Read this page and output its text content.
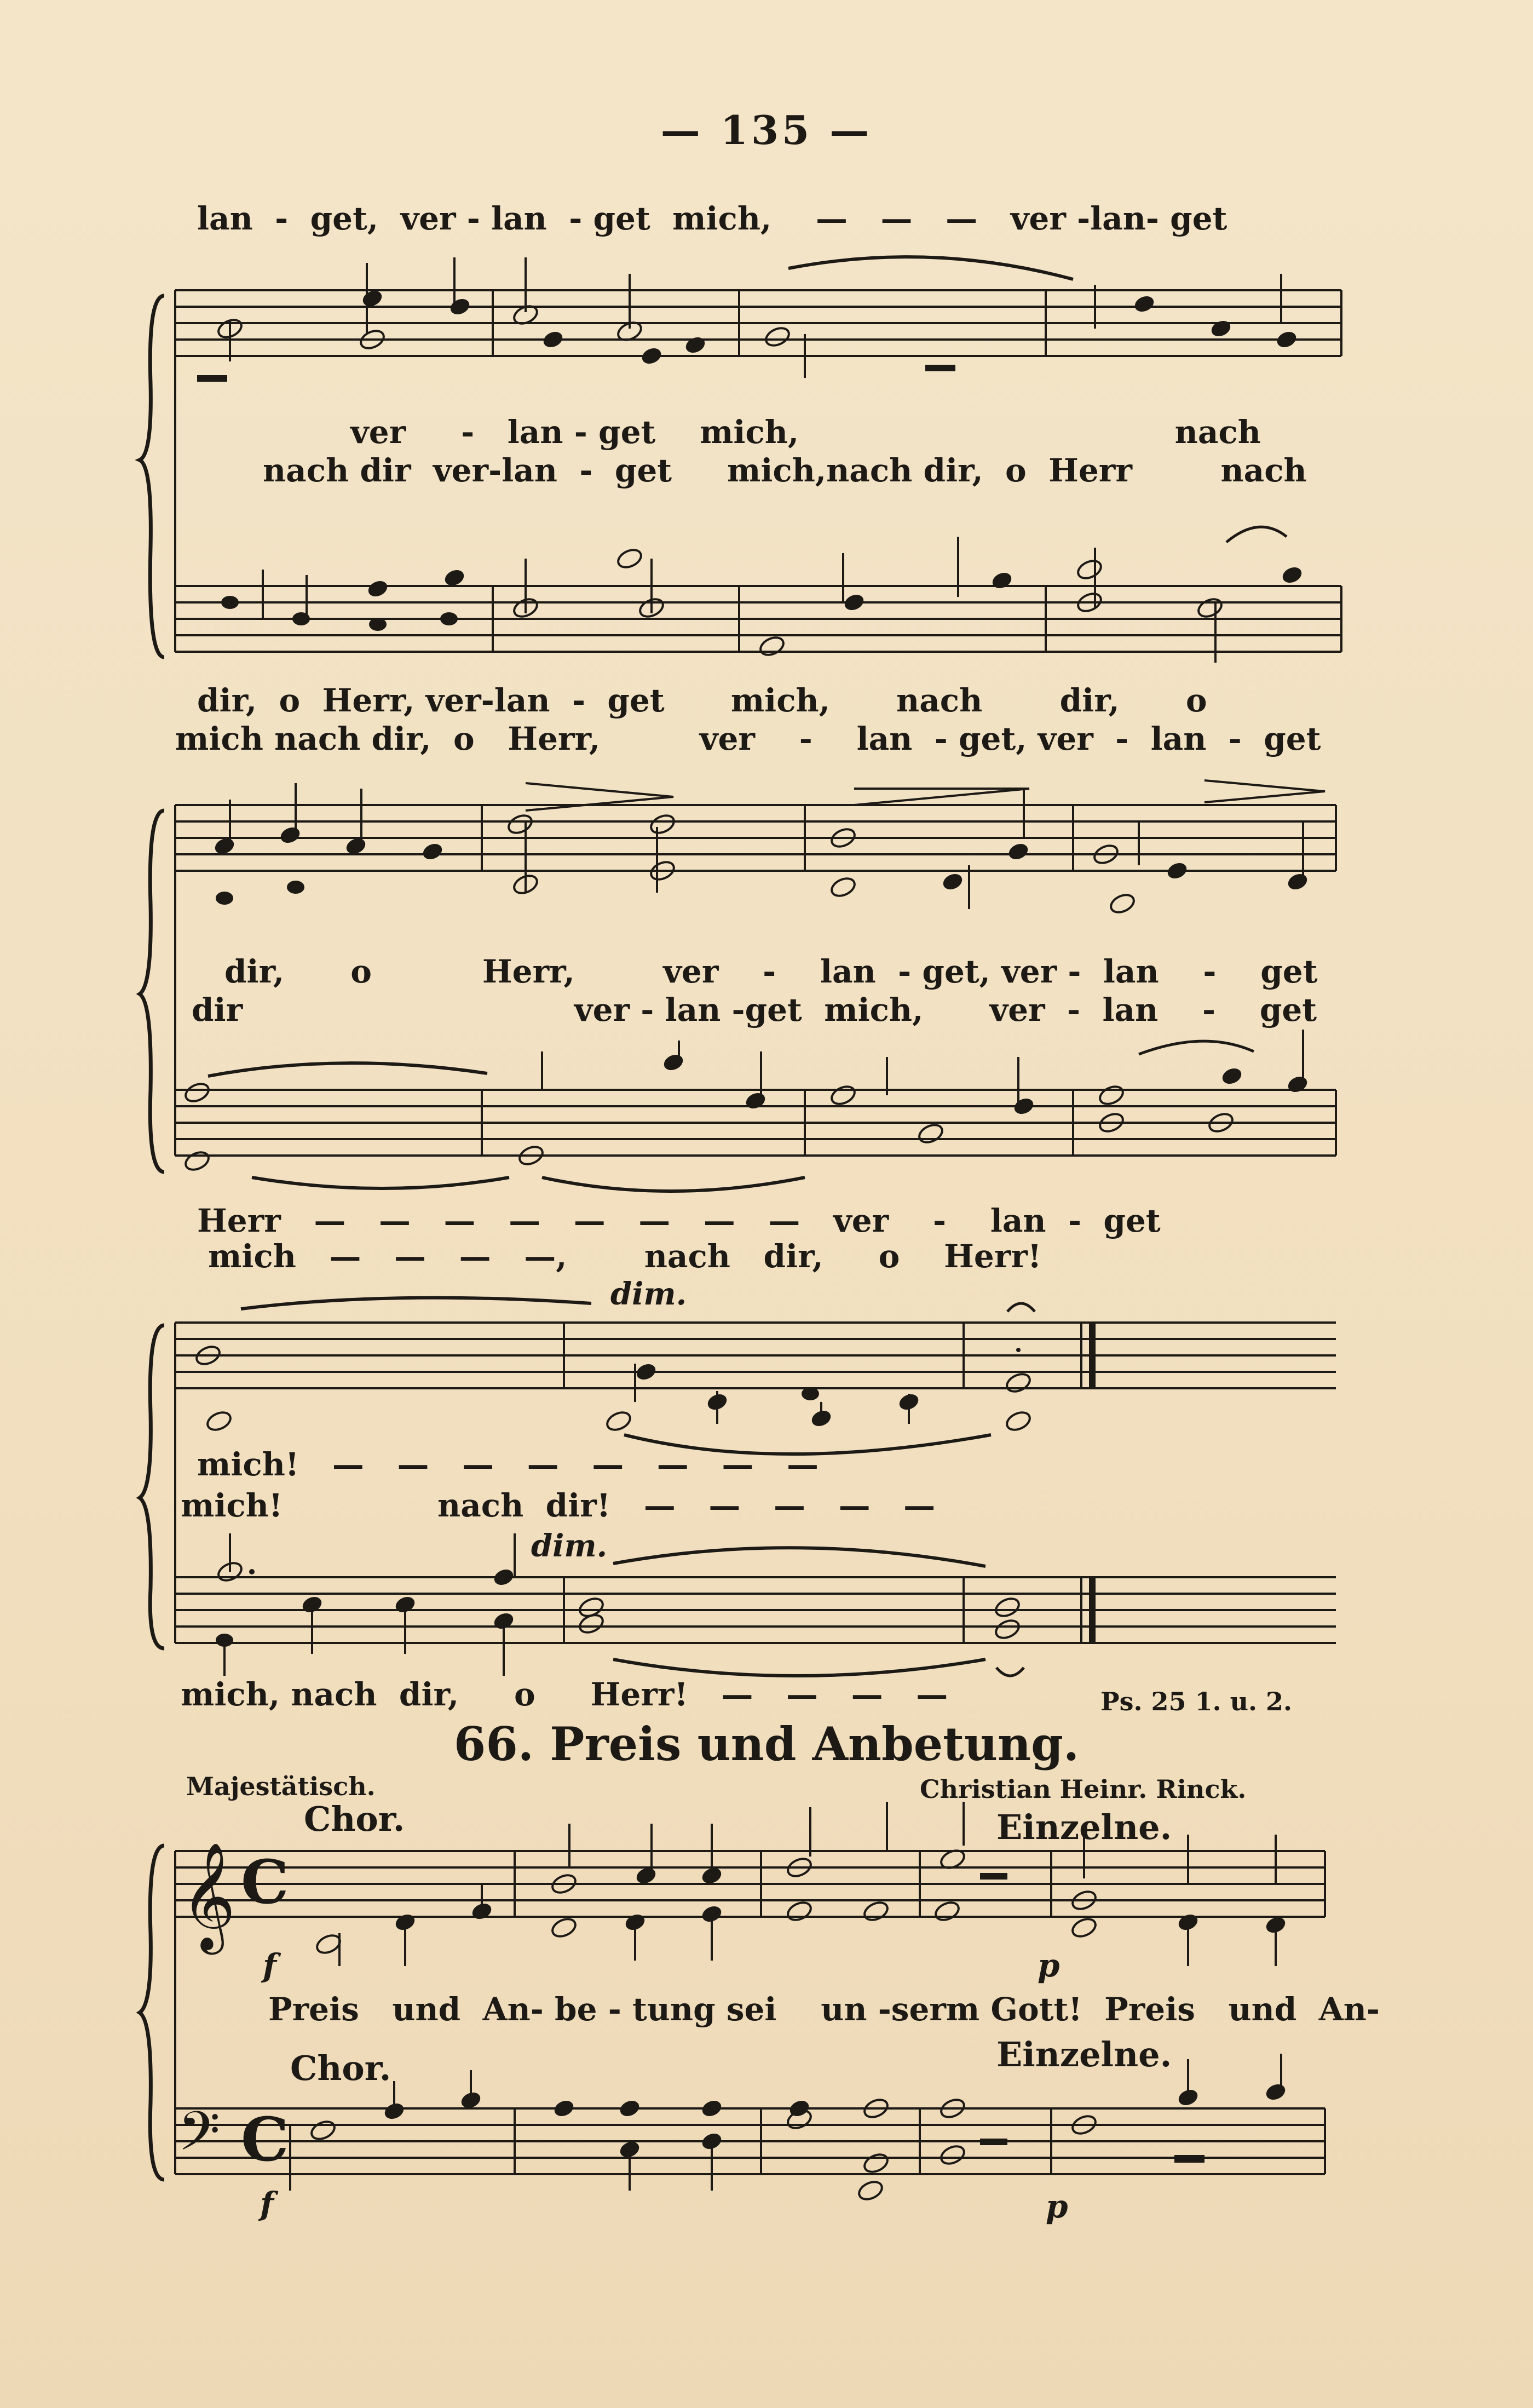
— 135 —
lan  -  get,  ver - lan  - get  mich,    —   —   —   ver -lan- get
ver     -   lan - get    mich,                                  nach
nach dir  ver-lan  -  get     mich,nach dir,  o  Herr        nach
dir,  o  Herr, ver-lan  -  get      mich,      nach       dir,      o
mich nach dir,  o   Herr,         ver    -    lan  - get, ver  -  lan  -  get
dir,      o          Herr,        ver    -    lan  - get, ver -  lan    -    get
dir                              ver - lan -get  mich,      ver  -  lan    -    get
Herr   —   —   —   —   —   —   —   —   ver    -    lan  -  get
mich   —   —   —   —,       nach   dir,     o    Herr!
dim.
mich!   —   —   —   —   —   —   —   —
mich!              nach  dir!   —   —   —   —   —
dim.
mich, nach  dir,     o     Herr!   —   —   —   —	Ps. 25 1. u. 2.
66. Preis und Anbetung.
Majestätisch.	Christian Heinr. Rinck.
Chor.	Einzelne.
𝄞 C
𝄢 C
f	p
Preis   und  An- be - tung sei    un -serm Gott!  Preis   und  An-
Chor.	Einzelne.
f	p
